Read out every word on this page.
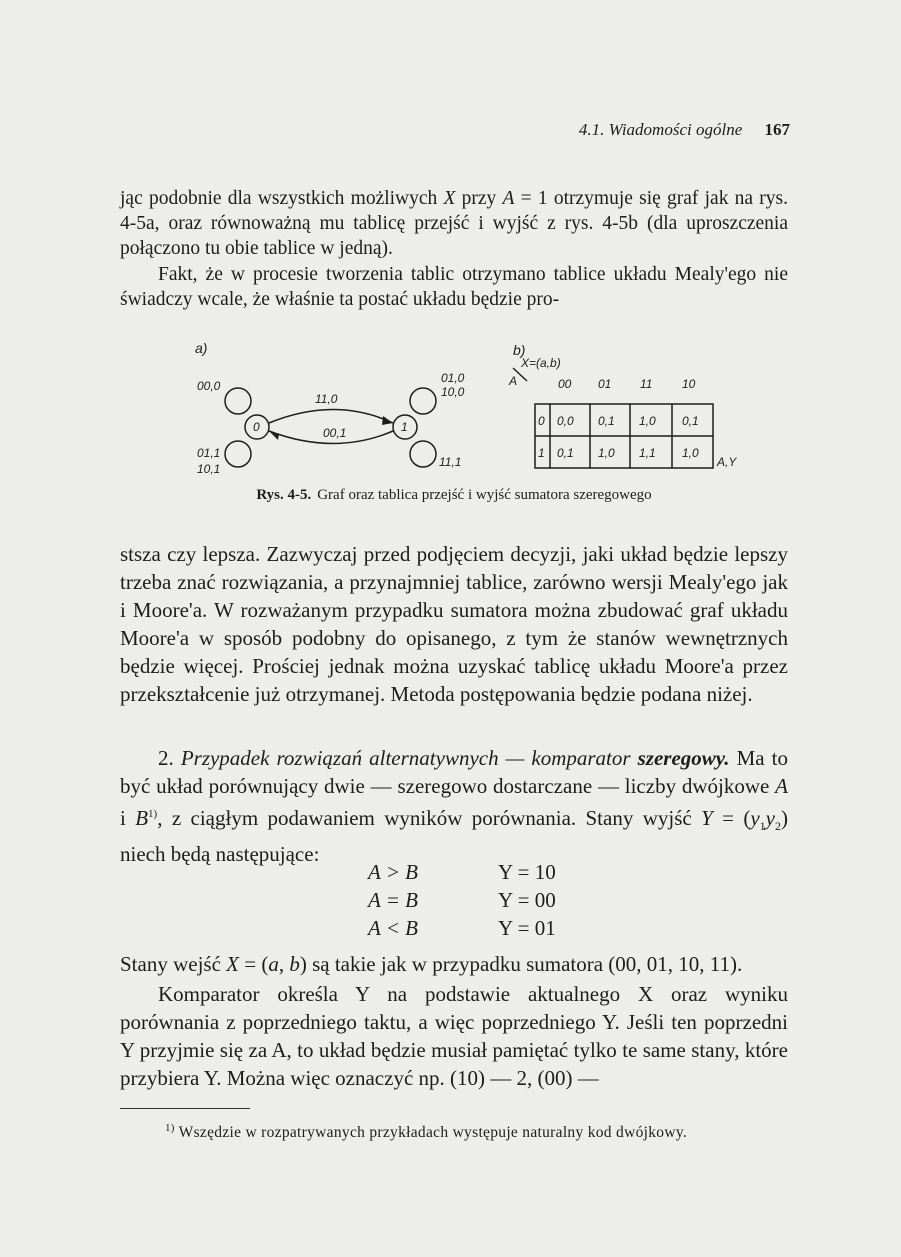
4.1. Wiadomości ogólne 167

jąc podobnie dla wszystkich możliwych X przy A = 1 otrzymuje się graf jak na rys. 4-5a, oraz równoważną mu tablicę przejść i wyjść z rys. 4-5b (dla uproszczenia połączono tu obie tablice w jedną).

Fakt, że w procesie tworzenia tablic otrzymano tablice układu Mealy'ego nie świadczy wcale, że właśnie ta postać układu będzie pro-

a)	b)
0	1
00,0
01,1
10,1
11,0
00,1
01,0
10,0
11,1
X=(a,b)
A	00 01 11 10
0 0,0 0,1 1,0 0,1
1 0,1 1,0 1,1 1,0
A,Y
Rys. 4-5. Graf oraz tablica przejść i wyjść sumatora szeregowego

stsza czy lepsza. Zazwyczaj przed podjęciem decyzji, jaki układ będzie lepszy trzeba znać rozwiązania, a przynajmniej tablice, zarówno wersji Mealy'ego jak i Moore'a. W rozważanym przypadku sumatora można zbudować graf układu Moore'a w sposób podobny do opisanego, z tym że stanów wewnętrznych będzie więcej. Prościej jednak można uzyskać tablicę układu Moore'a przez przekształcenie już otrzymanej. Metoda postępowania będzie podana niżej.

2. Przypadek rozwiązań alternatywnych — komparator szeregowy. Ma to być układ porównujący dwie — szeregowo dostarczane — liczby dwójkowe A i $B^{1)}$, z ciągłym podawaniem wyników porównania. Stany wyjść $Y = (y_1y_2)$ niech będą następujące:

A > B	Y = 10
A = B	Y = 00
A < B	Y = 01

Stany wejść X = (a, b) są takie jak w przypadku sumatora (00, 01, 10, 11).

Komparator określa Y na podstawie aktualnego X oraz wyniku porównania z poprzedniego taktu, a więc poprzedniego Y. Jeśli ten poprzedni Y przyjmie się za A, to układ będzie musiał pamiętać tylko te same stany, które przybiera Y. Można więc oznaczyć np. (10) — 2, (00) —

$^{1)}$ Wszędzie w rozpatrywanych przykładach występuje naturalny kod dwójkowy.
